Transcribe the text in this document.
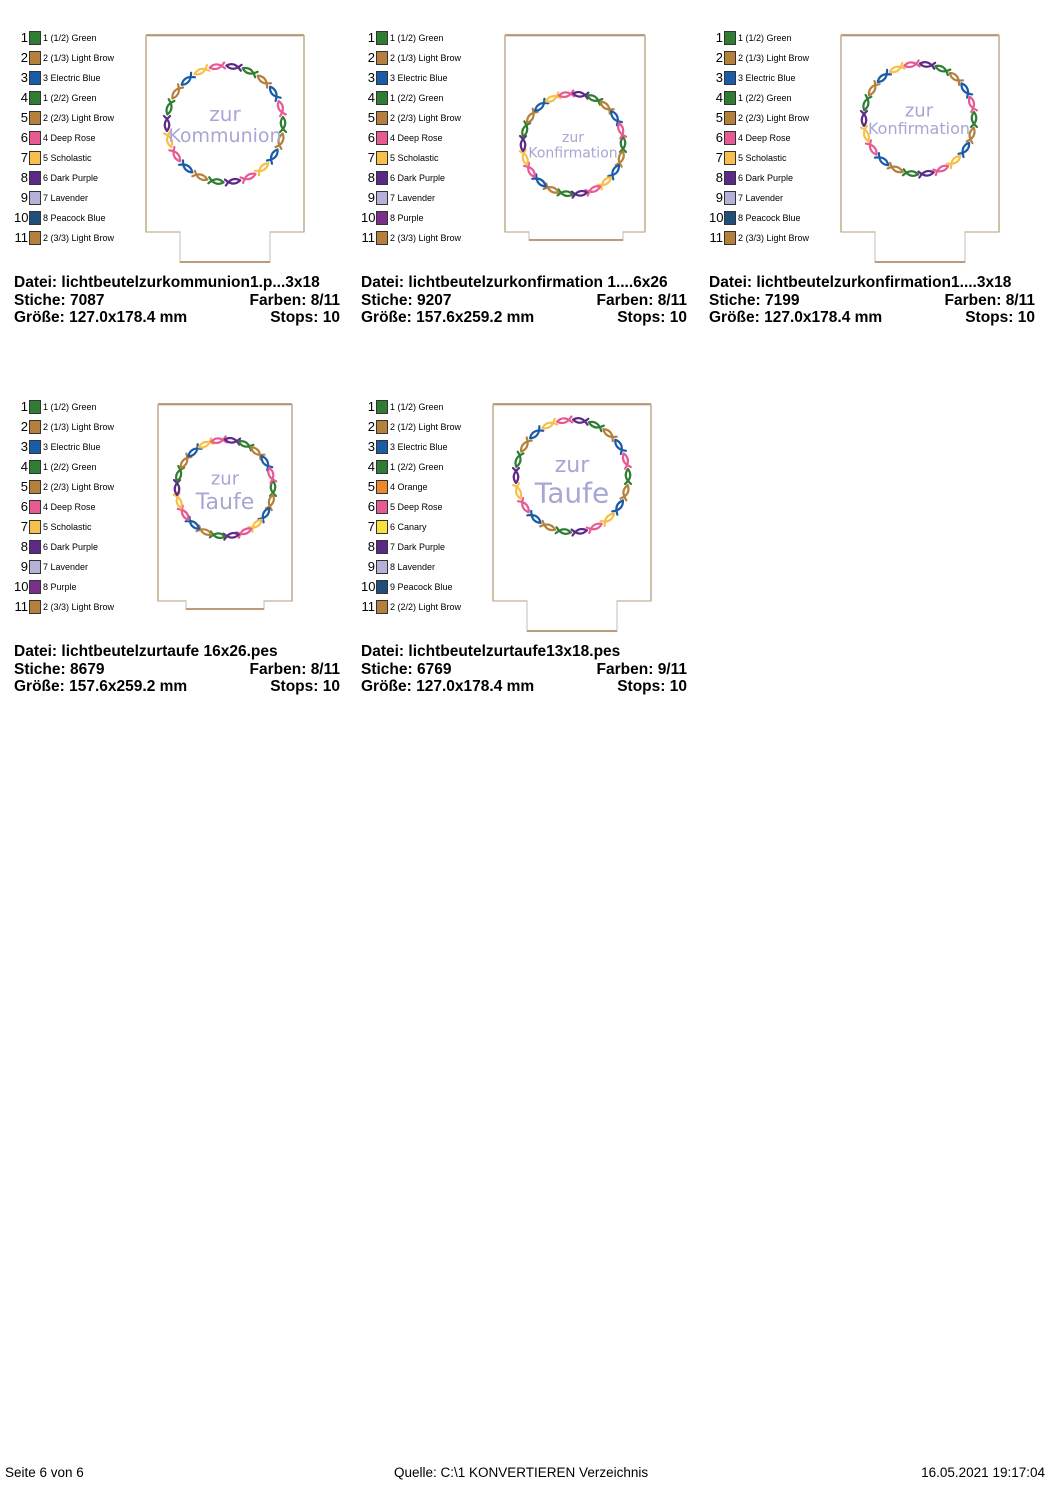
1 1 (1/2) Green
2 2 (1/3) Light Brow
3 3 Electric Blue
4 1 (2/2) Green
5 2 (2/3) Light Brow
6 4 Deep Rose
7 5 Scholastic
8 6 Dark Purple
9 7 Lavender
10 8 Peacock Blue
11 2 (3/3) Light Brow
zur
Kommunion
Datei: lichtbeutelzurkommunion1.p...3x18
Stiche: 7087	Farben: 8/11
Größe: 127.0x178.4 mm	Stops: 10
1 1 (1/2) Green
2 2 (1/3) Light Brow
3 3 Electric Blue
4 1 (2/2) Green
5 2 (2/3) Light Brow
6 4 Deep Rose
7 5 Scholastic
8 6 Dark Purple
9 7 Lavender
10 8 Purple
11 2 (3/3) Light Brow
zur
Konfirmation
Datei: lichtbeutelzurkonfirmation 1....6x26
Stiche: 9207	Farben: 8/11
Größe: 157.6x259.2 mm	Stops: 10
1 1 (1/2) Green
2 2 (1/3) Light Brow
3 3 Electric Blue
4 1 (2/2) Green
5 2 (2/3) Light Brow
6 4 Deep Rose
7 5 Scholastic
8 6 Dark Purple
9 7 Lavender
10 8 Peacock Blue
11 2 (3/3) Light Brow
zur
Konfirmation
Datei: lichtbeutelzurkonfirmation1....3x18
Stiche: 7199	Farben: 8/11
Größe: 127.0x178.4 mm	Stops: 10
1 1 (1/2) Green
2 2 (1/3) Light Brow
3 3 Electric Blue
4 1 (2/2) Green
5 2 (2/3) Light Brow
6 4 Deep Rose
7 5 Scholastic
8 6 Dark Purple
9 7 Lavender
10 8 Purple
11 2 (3/3) Light Brow
zur
Taufe
Datei: lichtbeutelzurtaufe 16x26.pes
Stiche: 8679	Farben: 8/11
Größe: 157.6x259.2 mm	Stops: 10
1 1 (1/2) Green
2 2 (1/2) Light Brow
3 3 Electric Blue
4 1 (2/2) Green
5 4 Orange
6 5 Deep Rose
7 6 Canary
8 7 Dark Purple
9 8 Lavender
10 9 Peacock Blue
11 2 (2/2) Light Brow
zur
Taufe
Datei: lichtbeutelzurtaufe13x18.pes
Stiche: 6769	Farben: 9/11
Größe: 127.0x178.4 mm	Stops: 10
Seite 6 von 6	Quelle: C:\1 KONVERTIEREN Verzeichnis	16.05.2021 19:17:04
